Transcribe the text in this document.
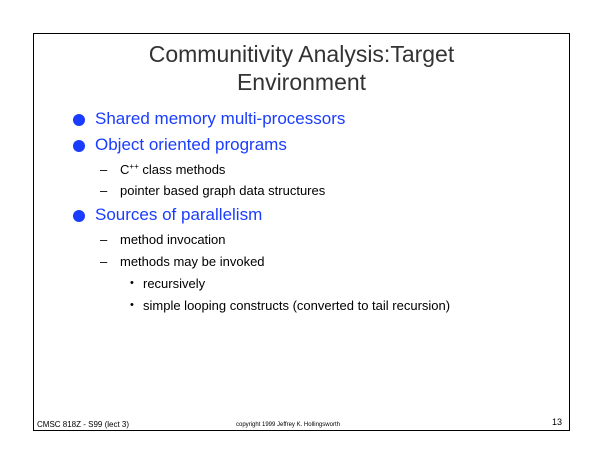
Communitivity Analysis:Target
Environment
Shared memory multi-processors
Object oriented programs
– C++ class methods
– pointer based graph data structures
Sources of parallelism
– method invocation
– methods may be invoked
• recursively
• simple looping constructs (converted to tail recursion)
CMSC 818Z - S99 (lect 3)	copyright 1999 Jeffrey K. Hollingsworth	13
